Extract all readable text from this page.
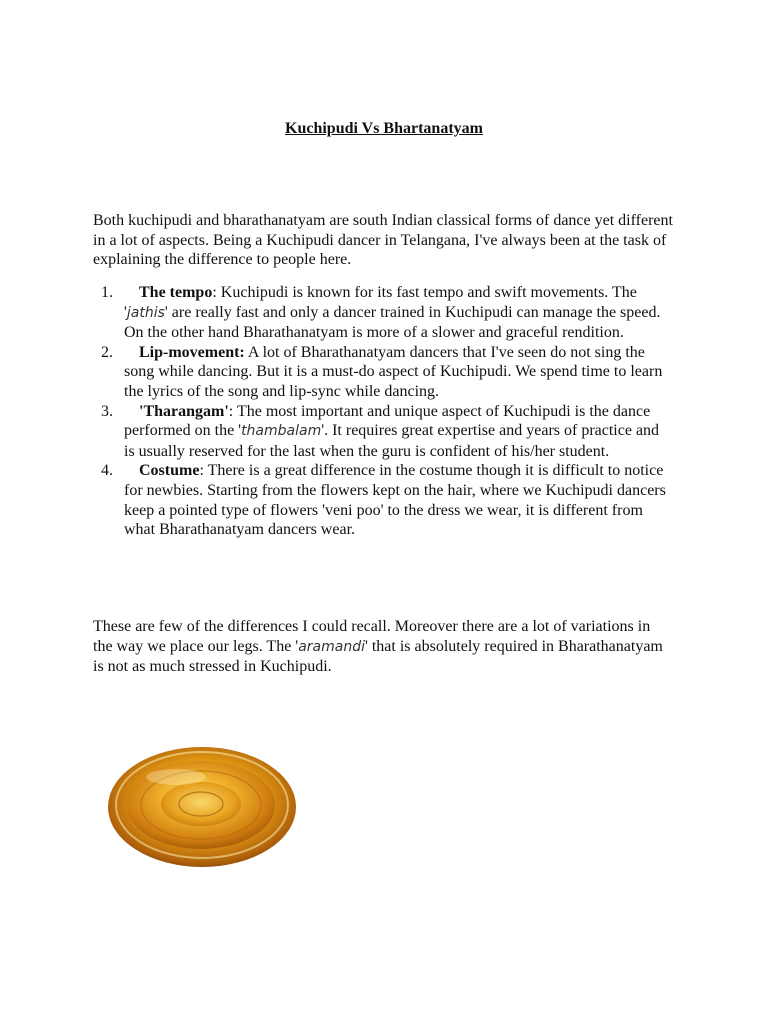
Kuchipudi Vs Bhartanatyam

Both kuchipudi and bharathanatyam are south Indian classical forms of dance yet different in a lot of aspects. Being a Kuchipudi dancer in Telangana, I've always been at the task of explaining the difference to people here.

1.	The tempo: Kuchipudi is known for its fast tempo and swift movements. The 'jathis' are really fast and only a dancer trained in Kuchipudi can manage the speed. On the other hand Bharathanatyam is more of a slower and graceful rendition.
2.	Lip-movement: A lot of Bharathanatyam dancers that I've seen do not sing the song while dancing. But it is a must-do aspect of Kuchipudi. We spend time to learn the lyrics of the song and lip-sync while dancing.
3.	'Tharangam': The most important and unique aspect of Kuchipudi is the dance performed on the 'thambalam'. It requires great expertise and years of practice and is usually reserved for the last when the guru is confident of his/her student.
4.	Costume: There is a great difference in the costume though it is difficult to notice for newbies. Starting from the flowers kept on the hair, where we Kuchipudi dancers keep a pointed type of flowers 'veni poo' to the dress we wear, it is different from what Bharathanatyam dancers wear.

These are few of the differences I could recall. Moreover there are a lot of variations in the way we place our legs. The 'aramandi' that is absolutely required in Bharathanatyam is not as much stressed in Kuchipudi.
